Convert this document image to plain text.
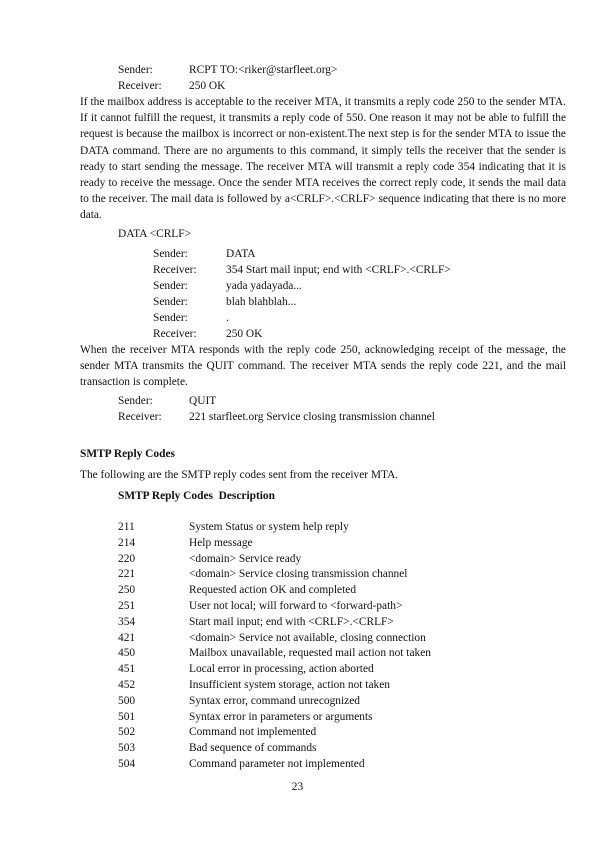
Sender:	RCPT TO:<riker@starfleet.org>
Receiver: 250 OK
If the mailbox address is acceptable to the receiver MTA, it transmits a reply code 250 to the sender MTA. If it cannot fulfill the request, it transmits a reply code of 550. One reason it may not be able to fulfill the request is because the mailbox is incorrect or non-existent.The next step is for the sender MTA to issue the DATA command. There are no arguments to this command, it simply tells the receiver that the sender is ready to start sending the message. The receiver MTA will transmit a reply code 354 indicating that it is ready to receive the message. Once the sender MTA receives the correct reply code, it sends the mail data to the receiver. The mail data is followed by a<CRLF>.<CRLF> sequence indicating that there is no more data.
DATA <CRLF>
Sender:	DATA
Receiver:	354 Start mail input; end with <CRLF>.<CRLF>
Sender:	yada yadayada...
Sender:	blah blahblah...
Sender:	.
Receiver:	250 OK
When the receiver MTA responds with the reply code 250, acknowledging receipt of the message, the sender MTA transmits the QUIT command. The receiver MTA sends the reply code 221, and the mail transaction is complete.
Sender:	QUIT
Receiver: 221 starfleet.org Service closing transmission channel
SMTP Reply Codes
The following are the SMTP reply codes sent from the receiver MTA.
SMTP Reply Codes  Description
211	System Status or system help reply
214	Help message
220	<domain> Service ready
221	<domain> Service closing transmission channel
250	Requested action OK and completed
251	User not local; will forward to <forward-path>
354	Start mail input; end with <CRLF>.<CRLF>
421	<domain> Service not available, closing connection
450	Mailbox unavailable, requested mail action not taken
451	Local error in processing, action aborted
452	Insufficient system storage, action not taken
500	Syntax error, command unrecognized
501	Syntax error in parameters or arguments
502	Command not implemented
503	Bad sequence of commands
504	Command parameter not implemented
23
